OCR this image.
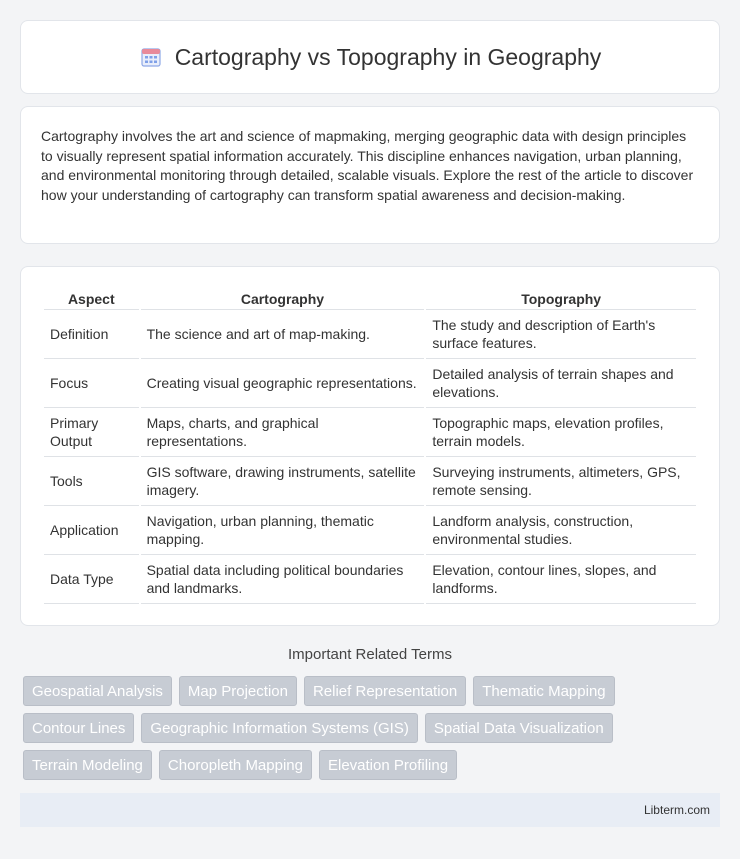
Cartography vs Topography in Geography

Cartography involves the art and science of mapmaking, merging geographic data with design principles to visually represent spatial information accurately. This discipline enhances navigation, urban planning, and environmental monitoring through detailed, scalable visuals. Explore the rest of the article to discover how your understanding of cartography can transform spatial awareness and decision-making.

Aspect	Cartography	Topography
Definition	The science and art of map-making.	The study and description of Earth's surface features.
Focus	Creating visual geographic representations.	Detailed analysis of terrain shapes and elevations.
Primary Output	Maps, charts, and graphical representations.	Topographic maps, elevation profiles, terrain models.
Tools	GIS software, drawing instruments, satellite imagery.	Surveying instruments, altimeters, GPS, remote sensing.
Application	Navigation, urban planning, thematic mapping.	Landform analysis, construction, environmental studies.
Data Type	Spatial data including political boundaries and landmarks.	Elevation, contour lines, slopes, and landforms.
Important Related Terms
Geospatial Analysis	Map Projection	Relief Representation	Thematic Mapping
Contour Lines	Geographic Information Systems (GIS)	Spatial Data Visualization
Terrain Modeling	Choropleth Mapping	Elevation Profiling
Libterm.com
